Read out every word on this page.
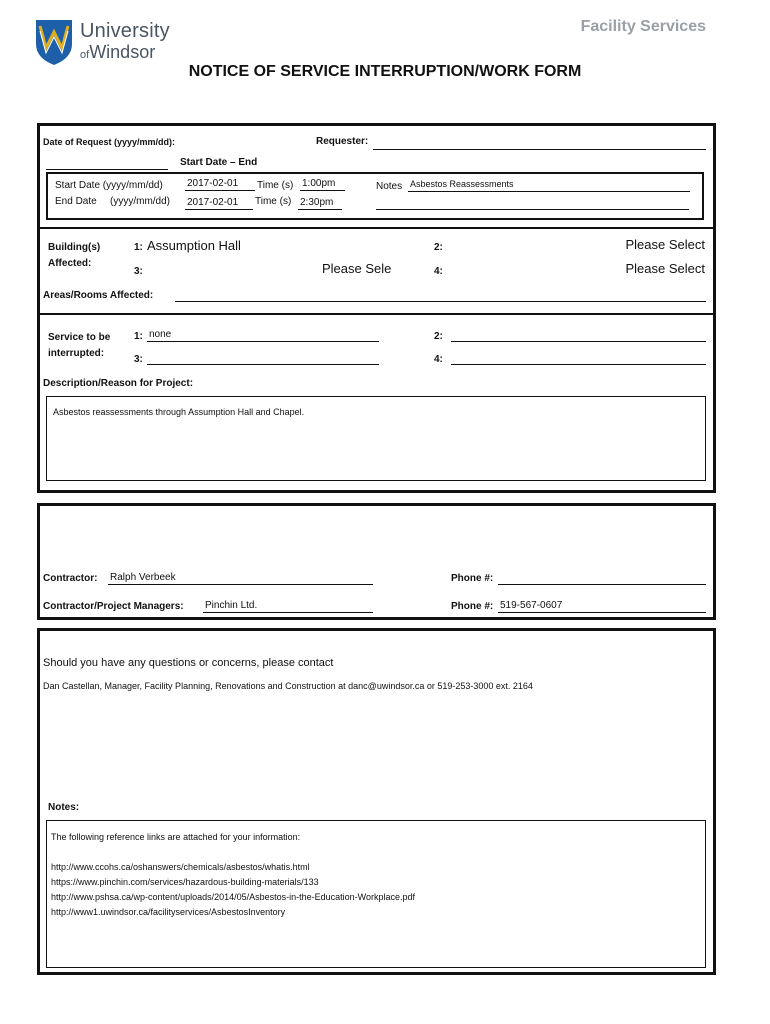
University
ofWindsor
Facility Services
NOTICE OF SERVICE INTERRUPTION/WORK FORM
Date of Request (yyyy/mm/dd):	Requester:
Start Date – End
Start Date (yyyy/mm/dd) 2017-02-01	Time (s) 1:00pm
End Date (yyyy/mm/dd) 2017-02-01	Time (s) 2:30pm
Notes Asbestos Reassessments
Building(s)
Affected:
1: Assumption Hall	2:	Please Select
3:	Please Sele	4:	Please Select
Areas/Rooms Affected:
Service to be
interrupted:
1: none	2:
3:	4:
Description/Reason for Project:
Asbestos reassessments through Assumption Hall and Chapel.
Contractor: Ralph Verbeek	Phone #:
Contractor/Project Managers: Pinchin Ltd.	Phone #: 519-567-0607
Should you have any questions or concerns, please contact
Dan Castellan, Manager, Facility Planning, Renovations and Construction at danc@uwindsor.ca or 519-253-3000 ext. 2164
Notes:
The following reference links are attached for your information:
http://www.ccohs.ca/oshanswers/chemicals/asbestos/whatis.html
https://www.pinchin.com/services/hazardous-building-materials/133
http://www.pshsa.ca/wp-content/uploads/2014/05/Asbestos-in-the-Education-Workplace.pdf
http://www1.uwindsor.ca/facilityservices/AsbestosInventory
